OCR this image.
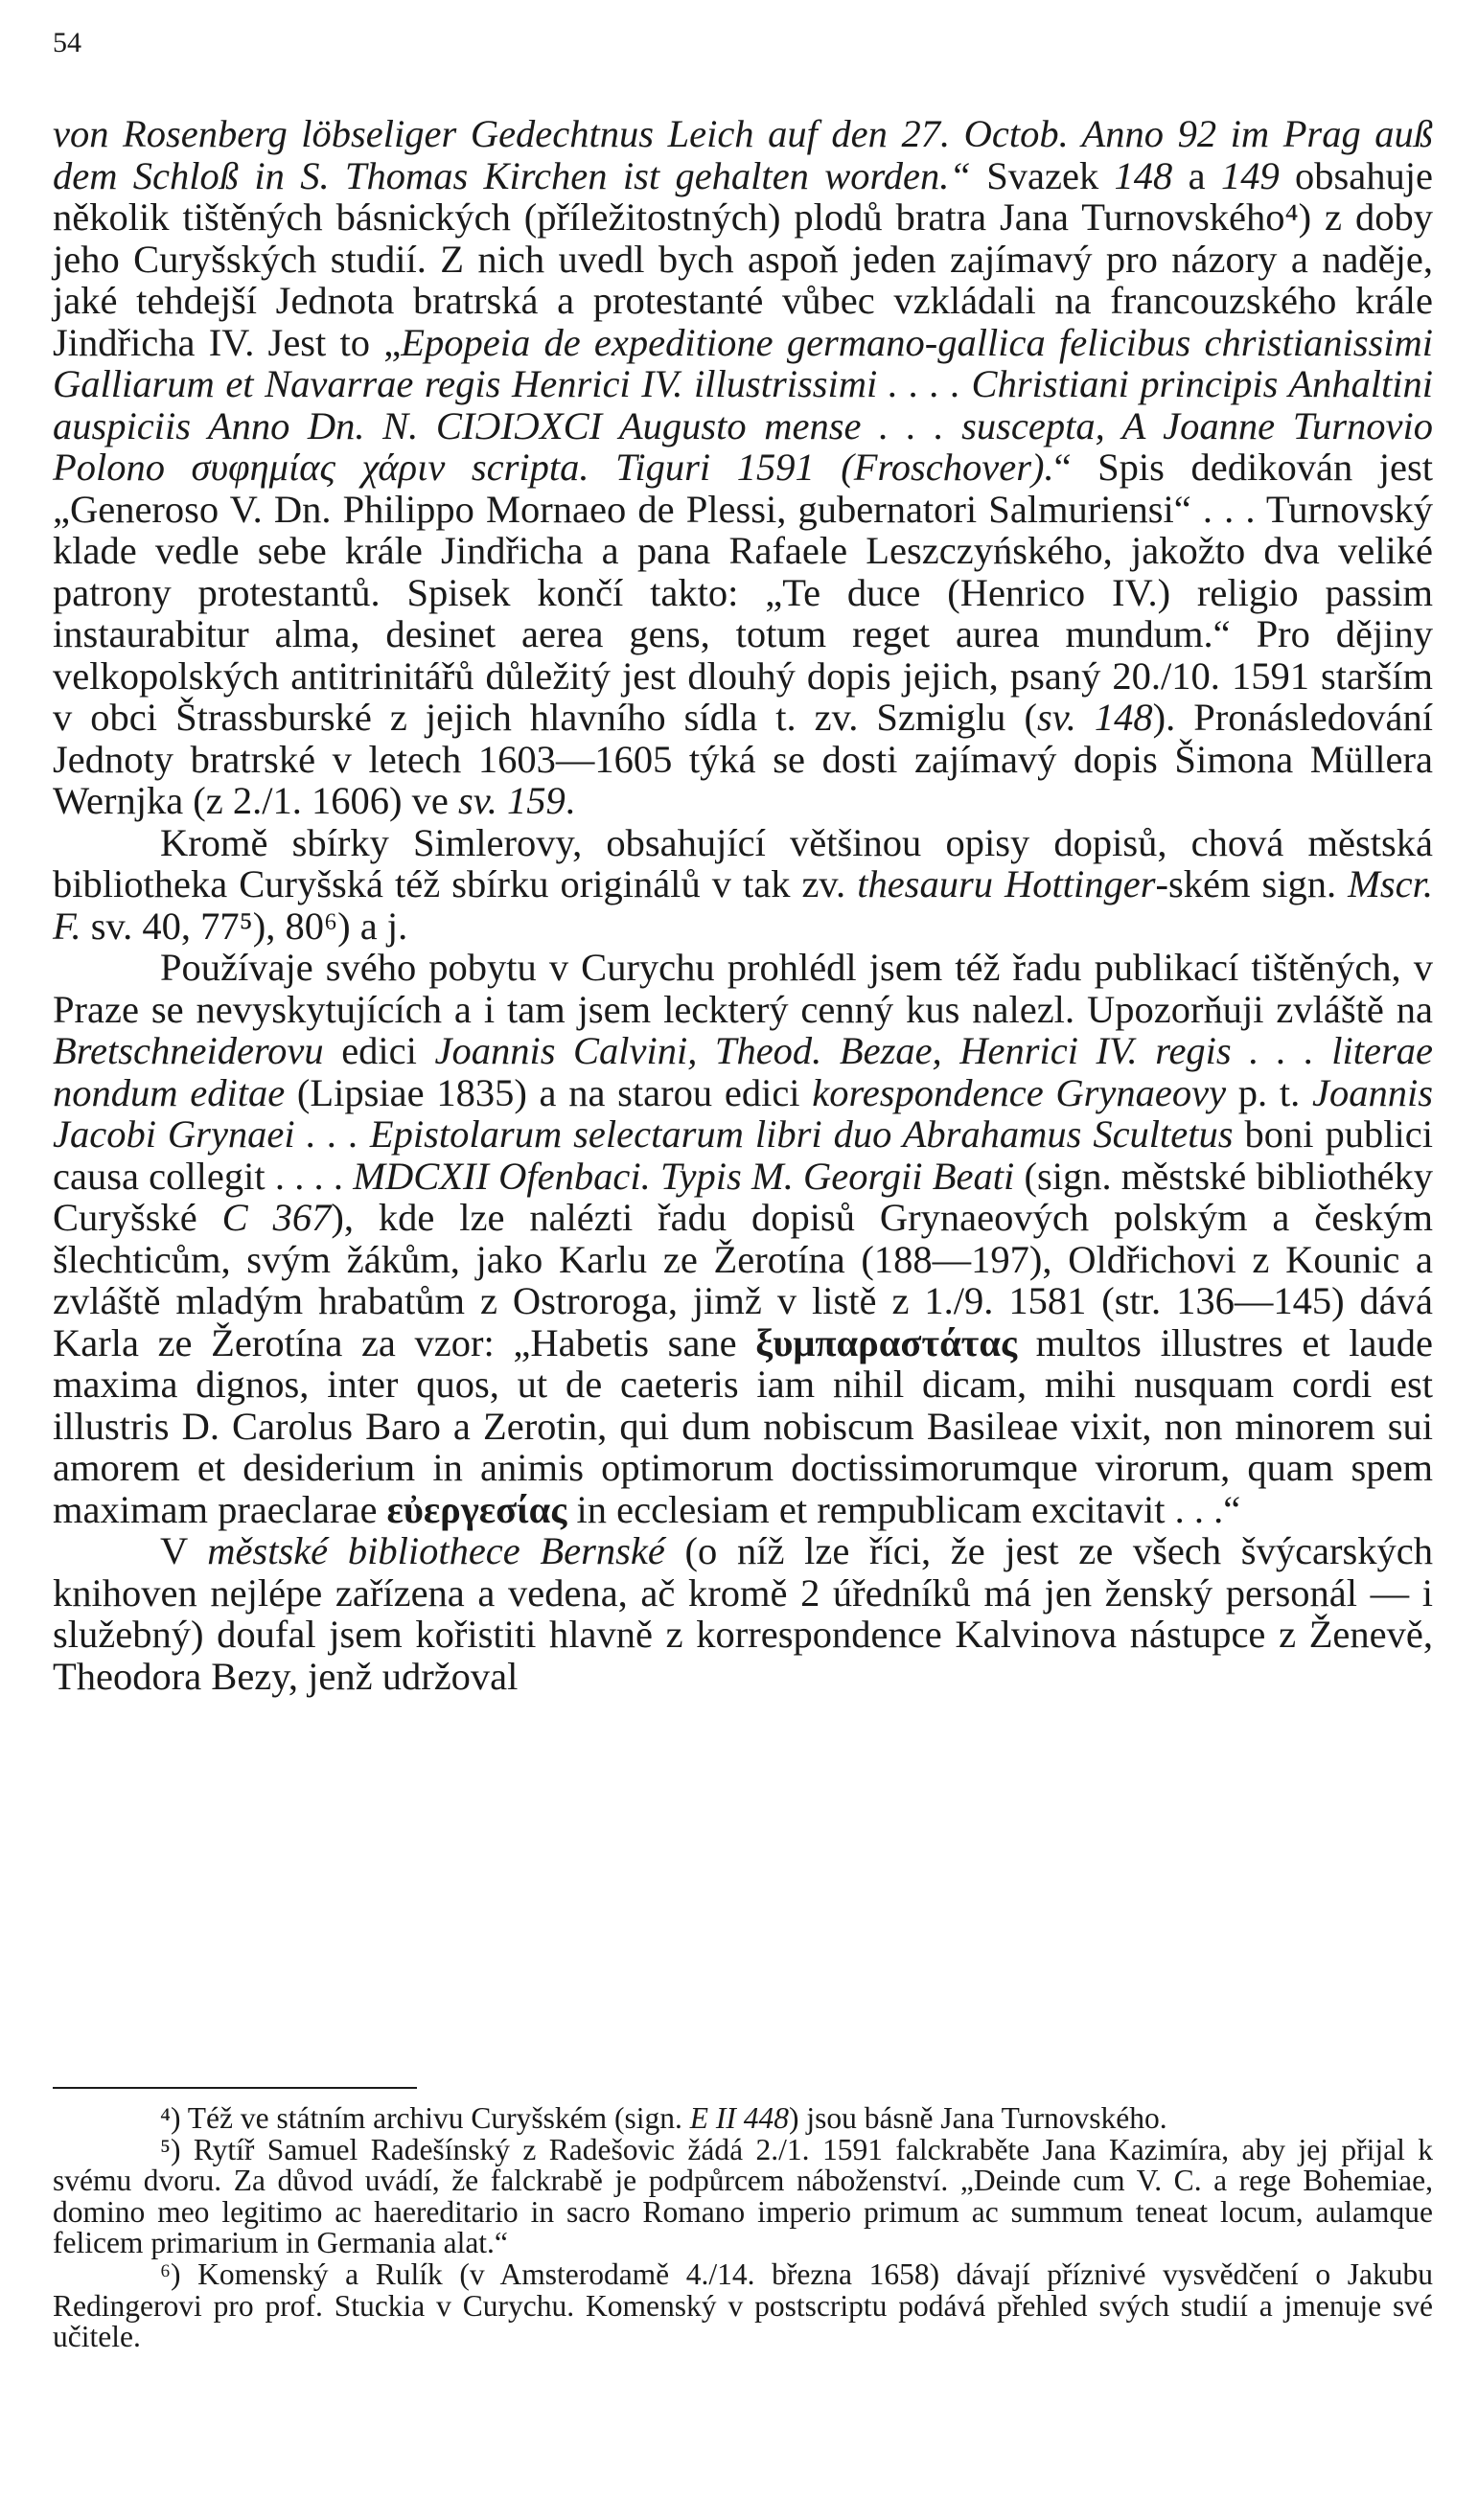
54

von Rosenberg löbseliger Gedechtnus Leich auf den 27. Octob. Anno 92 im Prag auß dem Schloß in S. Thomas Kirchen ist gehalten worden.“ Svazek 148 a 149 obsahuje několik tištěných básnických (příležitostných) plodů bratra Jana Turnovského⁴) z doby jeho Curyšských studií. Z nich uvedl bych aspoň jeden zajímavý pro názory a naděje, jaké tehdejší Jednota bratrská a protestanté vůbec vzkládali na francouzského krále Jindřicha IV. Jest to „Epopeia de expeditione germano-gallica felicibus christianissimi Galliarum et Navarrae regis Henrici IV. illustrissimi . . . . Christiani principis Anhaltini auspiciis Anno Dn. N. CIƆIƆXCI Augusto mense . . . suscepta, A Joanne Turnovio Polono συφημίας χάριν scripta. Tiguri 1591 (Froschover).“ Spis dedikován jest „Generoso V. Dn. Philippo Mornaeo de Plessi, gubernatori Salmuriensi“ . . . Turnovský klade vedle sebe krále Jindřicha a pana Rafaele Leszczyńského, jakožto dva veliké patrony protestantů. Spisek končí takto: „Te duce (Henrico IV.) religio passim instaurabitur alma, desinet aerea gens, totum reget aurea mundum.“ Pro dějiny velkopolských antitrinitářů důležitý jest dlouhý dopis jejich, psaný 20./10. 1591 starším v obci Štrassburské z jejich hlavního sídla t. zv. Szmiglu (sv. 148). Pronásledování Jednoty bratrské v letech 1603—1605 týká se dosti zajímavý dopis Šimona Müllera Wernjka (z 2./1. 1606) ve sv. 159.

Kromě sbírky Simlerovy, obsahující většinou opisy dopisů, chová městská bibliotheka Curyšská též sbírku originálů v tak zv. thesauru Hottinger-ském sign. Mscr. F. sv. 40, 77⁵), 80⁶) a j.

Používaje svého pobytu v Curychu prohlédl jsem též řadu publikací tištěných, v Praze se nevyskytujících a i tam jsem leckterý cenný kus nalezl. Upozorňuji zvláště na Bretschneiderovu edici Joannis Calvini, Theod. Bezae, Henrici IV. regis . . . literae nondum editae (Lipsiae 1835) a na starou edici korespondence Grynaeovy p. t. Joannis Jacobi Grynaei . . . Epistolarum selectarum libri duo Abrahamus Scultetus boni publici causa collegit . . . . MDCXII Ofenbaci. Typis M. Georgii Beati (sign. městské bibliothéky Curyšské C 367), kde lze nalézti řadu dopisů Grynaeových polským a českým šlechticům, svým žákům, jako Karlu ze Žerotína (188—197), Oldřichovi z Kounic a zvláště mladým hrabatům z Ostroroga, jimž v listě z 1./9. 1581 (str. 136—145) dává Karla ze Žerotína za vzor: „Habetis sane ξυμπαραστάτας multos illustres et laude maxima dignos, inter quos, ut de caeteris iam nihil dicam, mihi nusquam cordi est illustris D. Carolus Baro a Zerotin, qui dum nobiscum Basileae vixit, non minorem sui amorem et desiderium in animis optimorum doctissimorumque virorum, quam spem maximam praeclarae εὐεργεσίας in ecclesiam et rempublicam excitavit . . .“

V městské bibliothece Bernské (o níž lze říci, že jest ze všech švýcarských knihoven nejlépe zařízena a vedena, ač kromě 2 úředníků má jen ženský personál — i služebný) doufal jsem kořistiti hlavně z korrespondence Kalvinova nástupce z Ženevě, Theodora Bezy, jenž udržoval

⁴) Též ve státním archivu Curyšském (sign. E II 448) jsou básně Jana Turnovského.

⁵) Rytíř Samuel Radešínský z Radešovic žádá 2./1. 1591 falckraběte Jana Kazimíra, aby jej přijal k svému dvoru. Za důvod uvádí, že falckrabě je podpůrcem náboženství. „Deinde cum V. C. a rege Bohemiae, domino meo legitimo ac haereditario in sacro Romano imperio primum ac summum teneat locum, aulamque felicem primarium in Germania alat.“

⁶) Komenský a Rulík (v Amsterodamě 4./14. března 1658) dávají příznivé vysvědčení o Jakubu Redingerovi pro prof. Stuckia v Curychu. Komenský v postscriptu podává přehled svých studií a jmenuje své učitele.
